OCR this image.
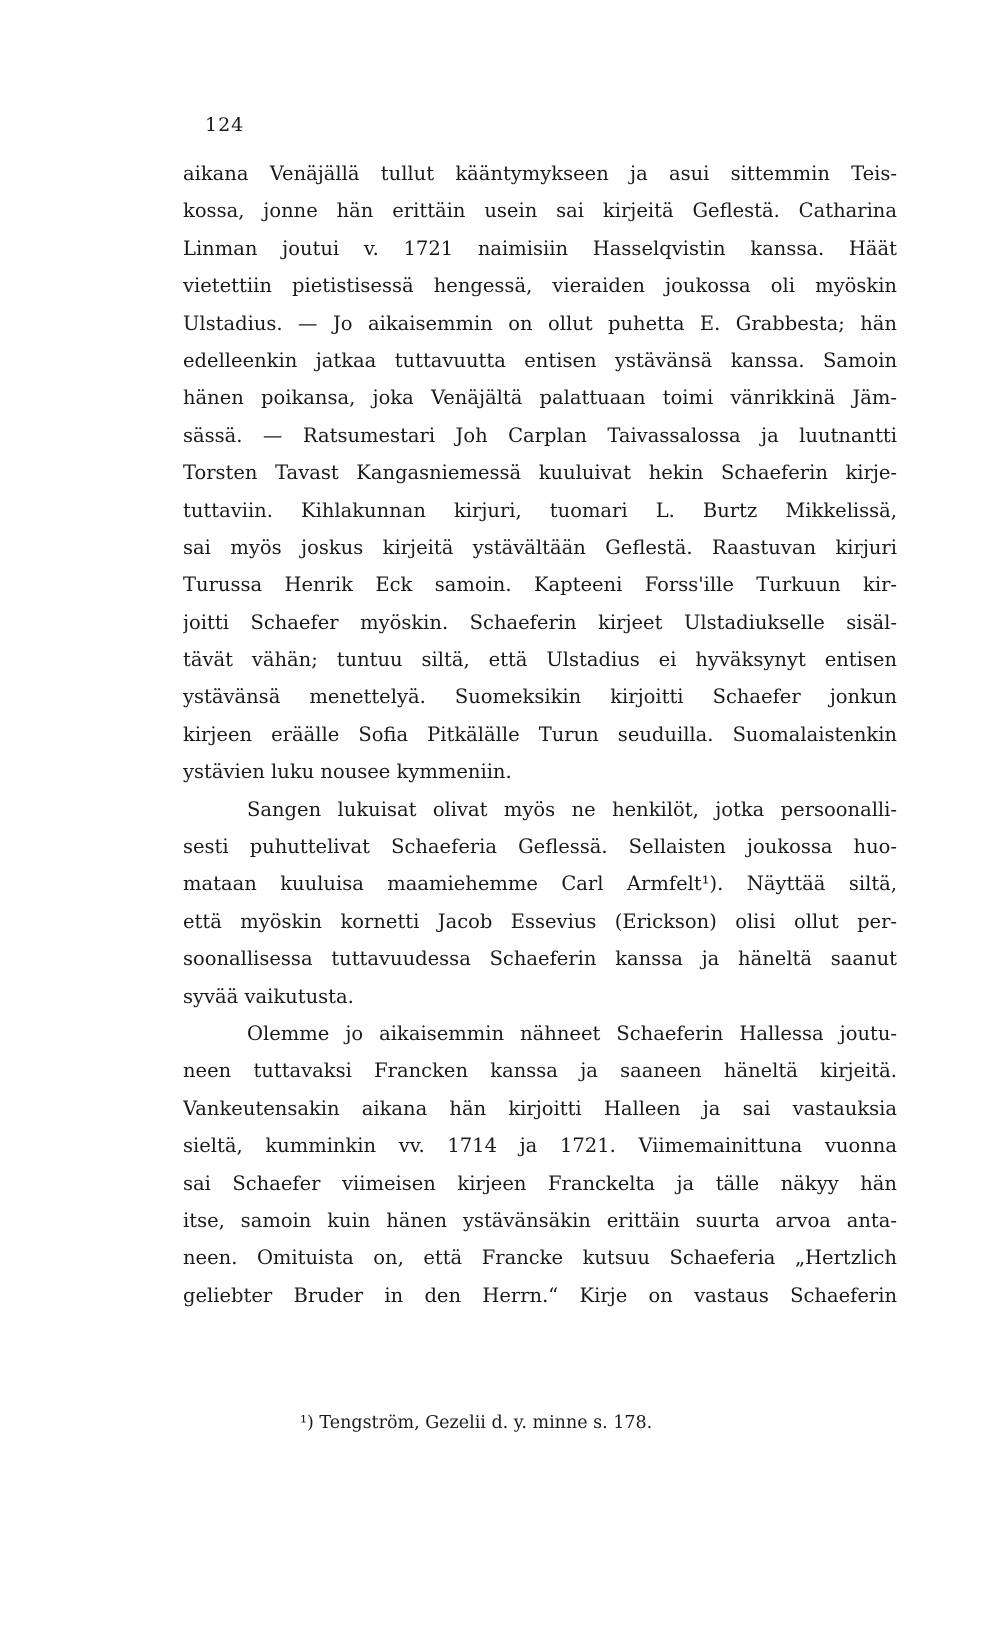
124
aikana Venäjällä tullut kääntymykseen ja asui sittemmin Teis-
kossa, jonne hän erittäin usein sai kirjeitä Geflestä. Catharina
Linman joutui v. 1721 naimisiin Hasselqvistin kanssa. Häät
vietettiin pietistisessä hengessä, vieraiden joukossa oli myöskin
Ulstadius. — Jo aikaisemmin on ollut puhetta E. Grabbesta; hän
edelleenkin jatkaa tuttavuutta entisen ystävänsä kanssa. Samoin
hänen poikansa, joka Venäjältä palattuaan toimi vänrikkinä Jäm-
sässä. — Ratsumestari Joh Carplan Taivassalossa ja luutnantti
Torsten Tavast Kangasniemessä kuuluivat hekin Schaeferin kirje-
tuttaviin. Kihlakunnan kirjuri, tuomari L. Burtz Mikkelissä,
sai myös joskus kirjeitä ystävältään Geflestä. Raastuvan kirjuri
Turussa Henrik Eck samoin. Kapteeni Forss'ille Turkuun kir-
joitti Schaefer myöskin. Schaeferin kirjeet Ulstadiukselle sisäl-
tävät vähän; tuntuu siltä, että Ulstadius ei hyväksynyt entisen
ystävänsä menettelyä. Suomeksikin kirjoitti Schaefer jonkun
kirjeen eräälle Sofia Pitkälälle Turun seuduilla. Suomalaistenkin
ystävien luku nousee kymmeniin.
Sangen lukuisat olivat myös ne henkilöt, jotka persoonalli-
sesti puhuttelivat Schaeferia Geflessä. Sellaisten joukossa huo-
mataan kuuluisa maamiehemme Carl Armfelt¹). Näyttää siltä,
että myöskin kornetti Jacob Essevius (Erickson) olisi ollut per-
soonallisessa tuttavuudessa Schaeferin kanssa ja häneltä saanut
syvää vaikutusta.
Olemme jo aikaisemmin nähneet Schaeferin Hallessa joutu-
neen tuttavaksi Francken kanssa ja saaneen häneltä kirjeitä.
Vankeutensakin aikana hän kirjoitti Halleen ja sai vastauksia
sieltä, kumminkin vv. 1714 ja 1721. Viimemainittuna vuonna
sai Schaefer viimeisen kirjeen Franckelta ja tälle näkyy hän
itse, samoin kuin hänen ystävänsäkin erittäin suurta arvoa anta-
neen. Omituista on, että Francke kutsuu Schaeferia „Hertzlich
geliebter Bruder in den Herrn.“ Kirje on vastaus Schaeferin
¹) Tengström, Gezelii d. y. minne s. 178.
